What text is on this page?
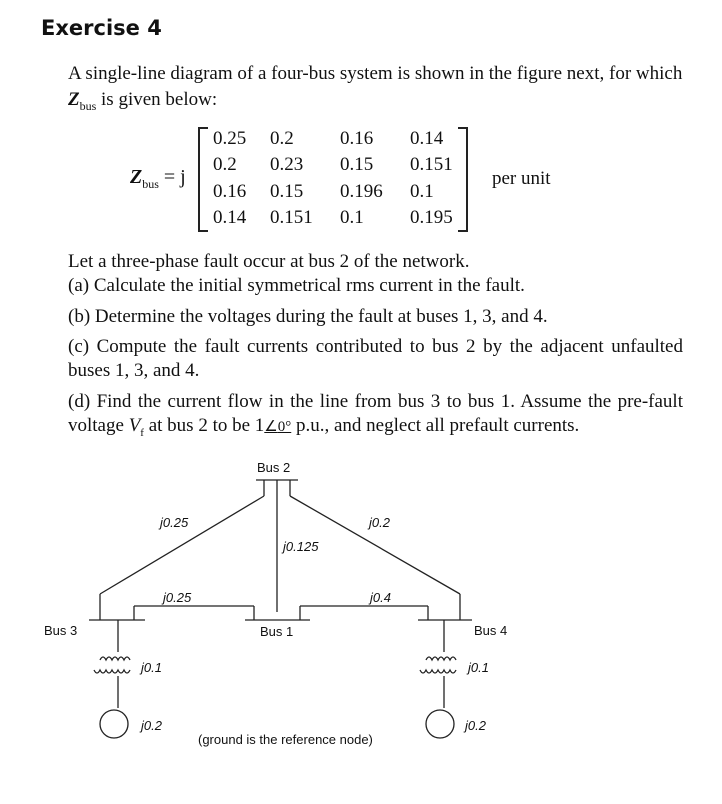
Exercise 4
A single-line diagram of a four-bus system is shown in the figure next, for which $Z_{bus}$ is given below:
$Z_{bus} = j$
0.25 0.2 0.16 0.14
0.2 0.23 0.15 0.151
0.16 0.15 0.196 0.1
0.14 0.151 0.1 0.195
per unit
Let a three-phase fault occur at bus 2 of the network.
(a) Calculate the initial symmetrical rms current in the fault.
(b) Determine the voltages during the fault at buses 1, 3, and 4.
(c) Compute the fault currents contributed to bus 2 by the adjacent unfaulted buses 1, 3, and 4.
(d) Find the current flow in the line from bus 3 to bus 1. Assume the pre-fault voltage $V_f$ at bus 2 to be 1∠0° p.u., and neglect all prefault currents.
Bus 2
j0.25	j0.2
j0.125
j0.25	j0.4
Bus 3	Bus 1	Bus 4
j0.1	j0.1
j0.2	j0.2
(ground is the reference node)
